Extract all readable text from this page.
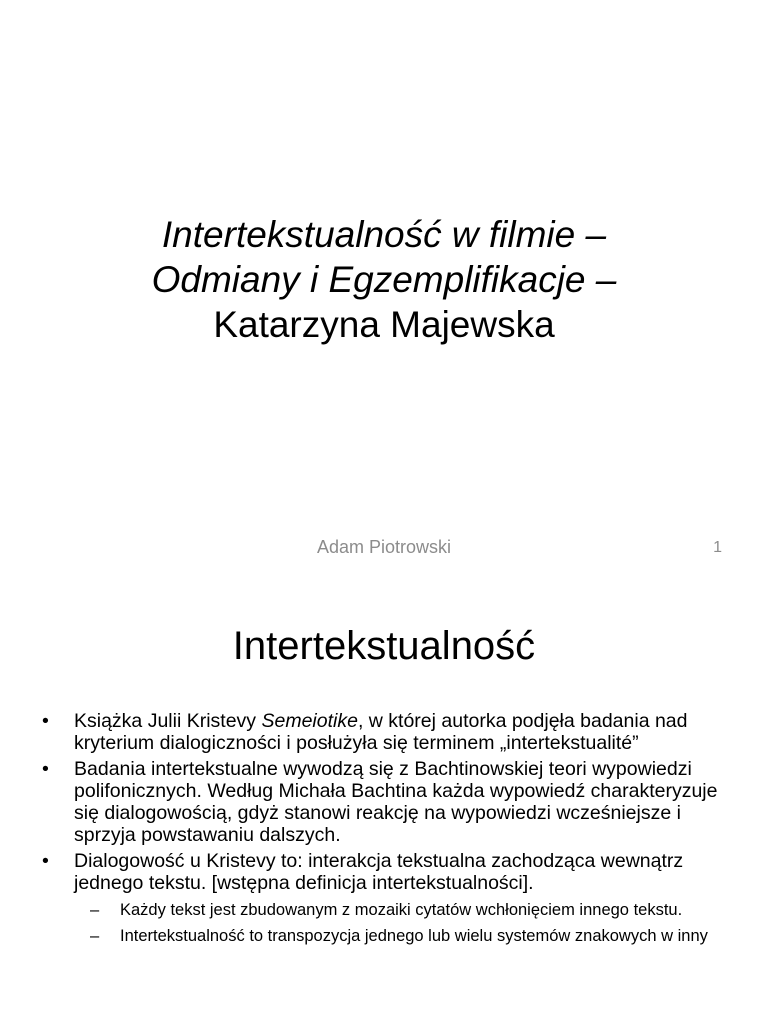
Intertekstualność w filmie –
Odmiany i Egzemplifikacje –
Katarzyna Majewska
Adam Piotrowski	1
Intertekstualność
• Książka Julii Kristevy Semeiotike, w której autorka podjęła badania nad kryterium dialogiczności i posłużyła się terminem „intertekstualité”
• Badania intertekstualne wywodzą się z Bachtinowskiej teori wypowiedzi polifonicznych. Według Michała Bachtina każda wypowiedź charakteryzuje się dialogowością, gdyż stanowi reakcję na wypowiedzi wcześniejsze i sprzyja powstawaniu dalszych.
• Dialogowość u Kristevy to: interakcja tekstualna zachodząca wewnątrz jednego tekstu. [wstępna definicja intertekstualności].
– Każdy tekst jest zbudowanym z mozaiki cytatów wchłonięciem innego tekstu.
– Intertekstualność to transpozycja jednego lub wielu systemów znakowych w inny
